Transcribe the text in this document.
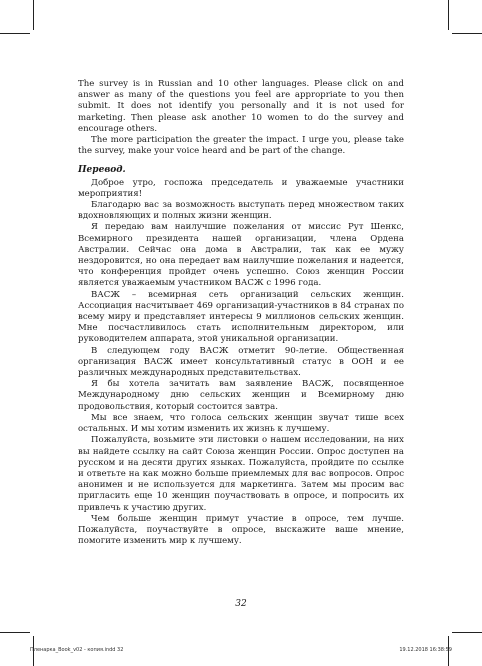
The survey is in Russian and 10 other languages. Please click on and answer as many of the questions you feel are appropriate to you then submit. It does not identify you personally and it is not used for marketing. Then please ask another 10 women to do the survey and encourage others.

The more participation the greater the impact. I urge you, please take the survey, make your voice heard and be part of the change.

Перевод.

Доброе утро, госпожа председатель и уважаемые участники мероприятия!

Благодарю вас за возможность выступать перед множеством таких вдохновляющих и полных жизни женщин.

Я передаю вам наилучшие пожелания от миссис Рут Шенкс, Всемирного президента нашей организации, члена Ордена Австралии. Сейчас она дома в Австралии, так как ее мужу нездоровится, но она передает вам наилучшие пожелания и надеется, что конференция пройдет очень успешно. Союз женщин России является уважаемым участником ВАСЖ с 1996 года.

ВАСЖ – всемирная сеть организаций сельских женщин. Ассоциация насчитывает 469 организаций-участников в 84 странах по всему миру и представляет интересы 9 миллионов сельских женщин. Мне посчастливилось стать исполнительным директором, или руководителем аппарата, этой уникальной организации.

В следующем году ВАСЖ отметит 90-летие. Общественная организация ВАСЖ имеет консультативный статус в ООН и ее различных международных представительствах.

Я бы хотела зачитать вам заявление ВАСЖ, посвященное Международному дню сельских женщин и Всемирному дню продовольствия, который состоится завтра.

Мы все знаем, что голоса сельских женщин звучат тише всех остальных. И мы хотим изменить их жизнь к лучшему.

Пожалуйста, возьмите эти листовки о нашем исследовании, на них вы найдете ссылку на сайт Союза женщин России. Опрос доступен на русском и на десяти других языках. Пожалуйста, пройдите по ссылке и ответьте на как можно больше приемлемых для вас вопросов. Опрос анонимен и не используется для маркетинга. Затем мы просим вас пригласить еще 10 женщин поучаствовать в опросе, и попросить их привлечь к участию других.

Чем больше женщин примут участие в опросе, тем лучше. Пожалуйста, поучаствуйте в опросе, выскажите ваше мнение, помогите изменить мир к лучшему.

32
Пленарка_Book_v02 - копия.indd 32	19.12.2018 16:38:59
